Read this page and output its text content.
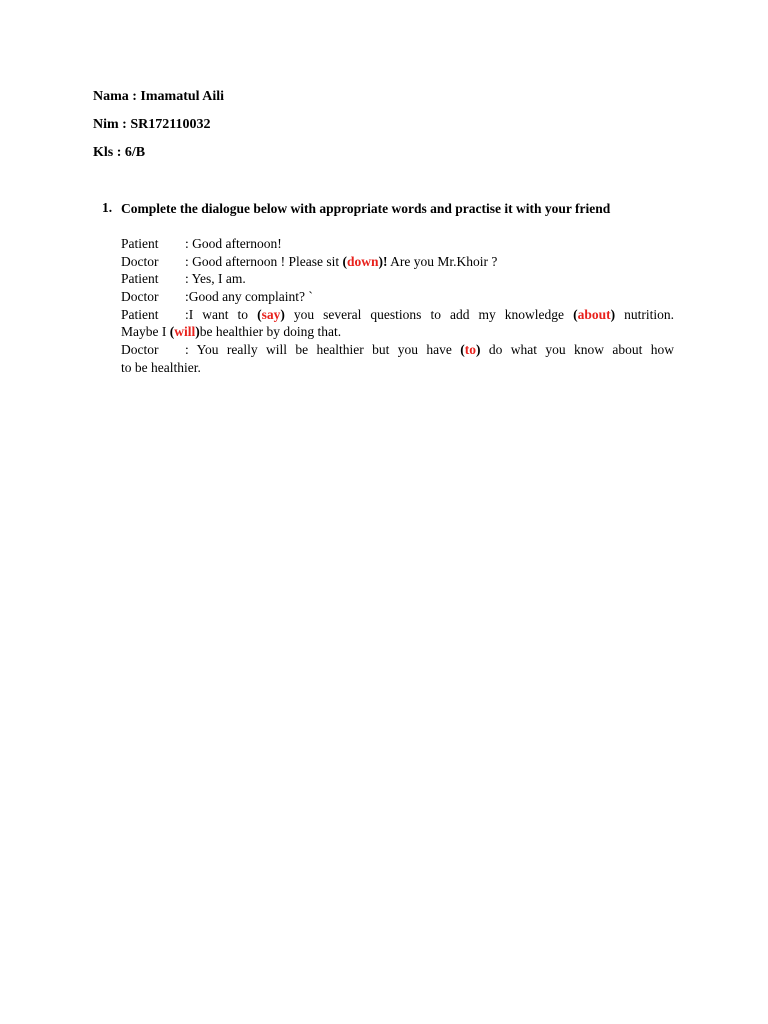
Nama : Imamatul Aili
Nim : SR172110032
Kls : 6/B
1. Complete the dialogue below with appropriate words and practise it with your friend
Patient : Good afternoon!
Doctor : Good afternoon ! Please sit (down)! Are you Mr.Khoir ?
Patient : Yes, I am.
Doctor :Good any complaint? `
Patient :I want to (say) you several questions to add my knowledge (about) nutrition.
Maybe I (will)be healthier by doing that.
Doctor : You really will be healthier but you have (to) do what you know about how
to be healthier.
